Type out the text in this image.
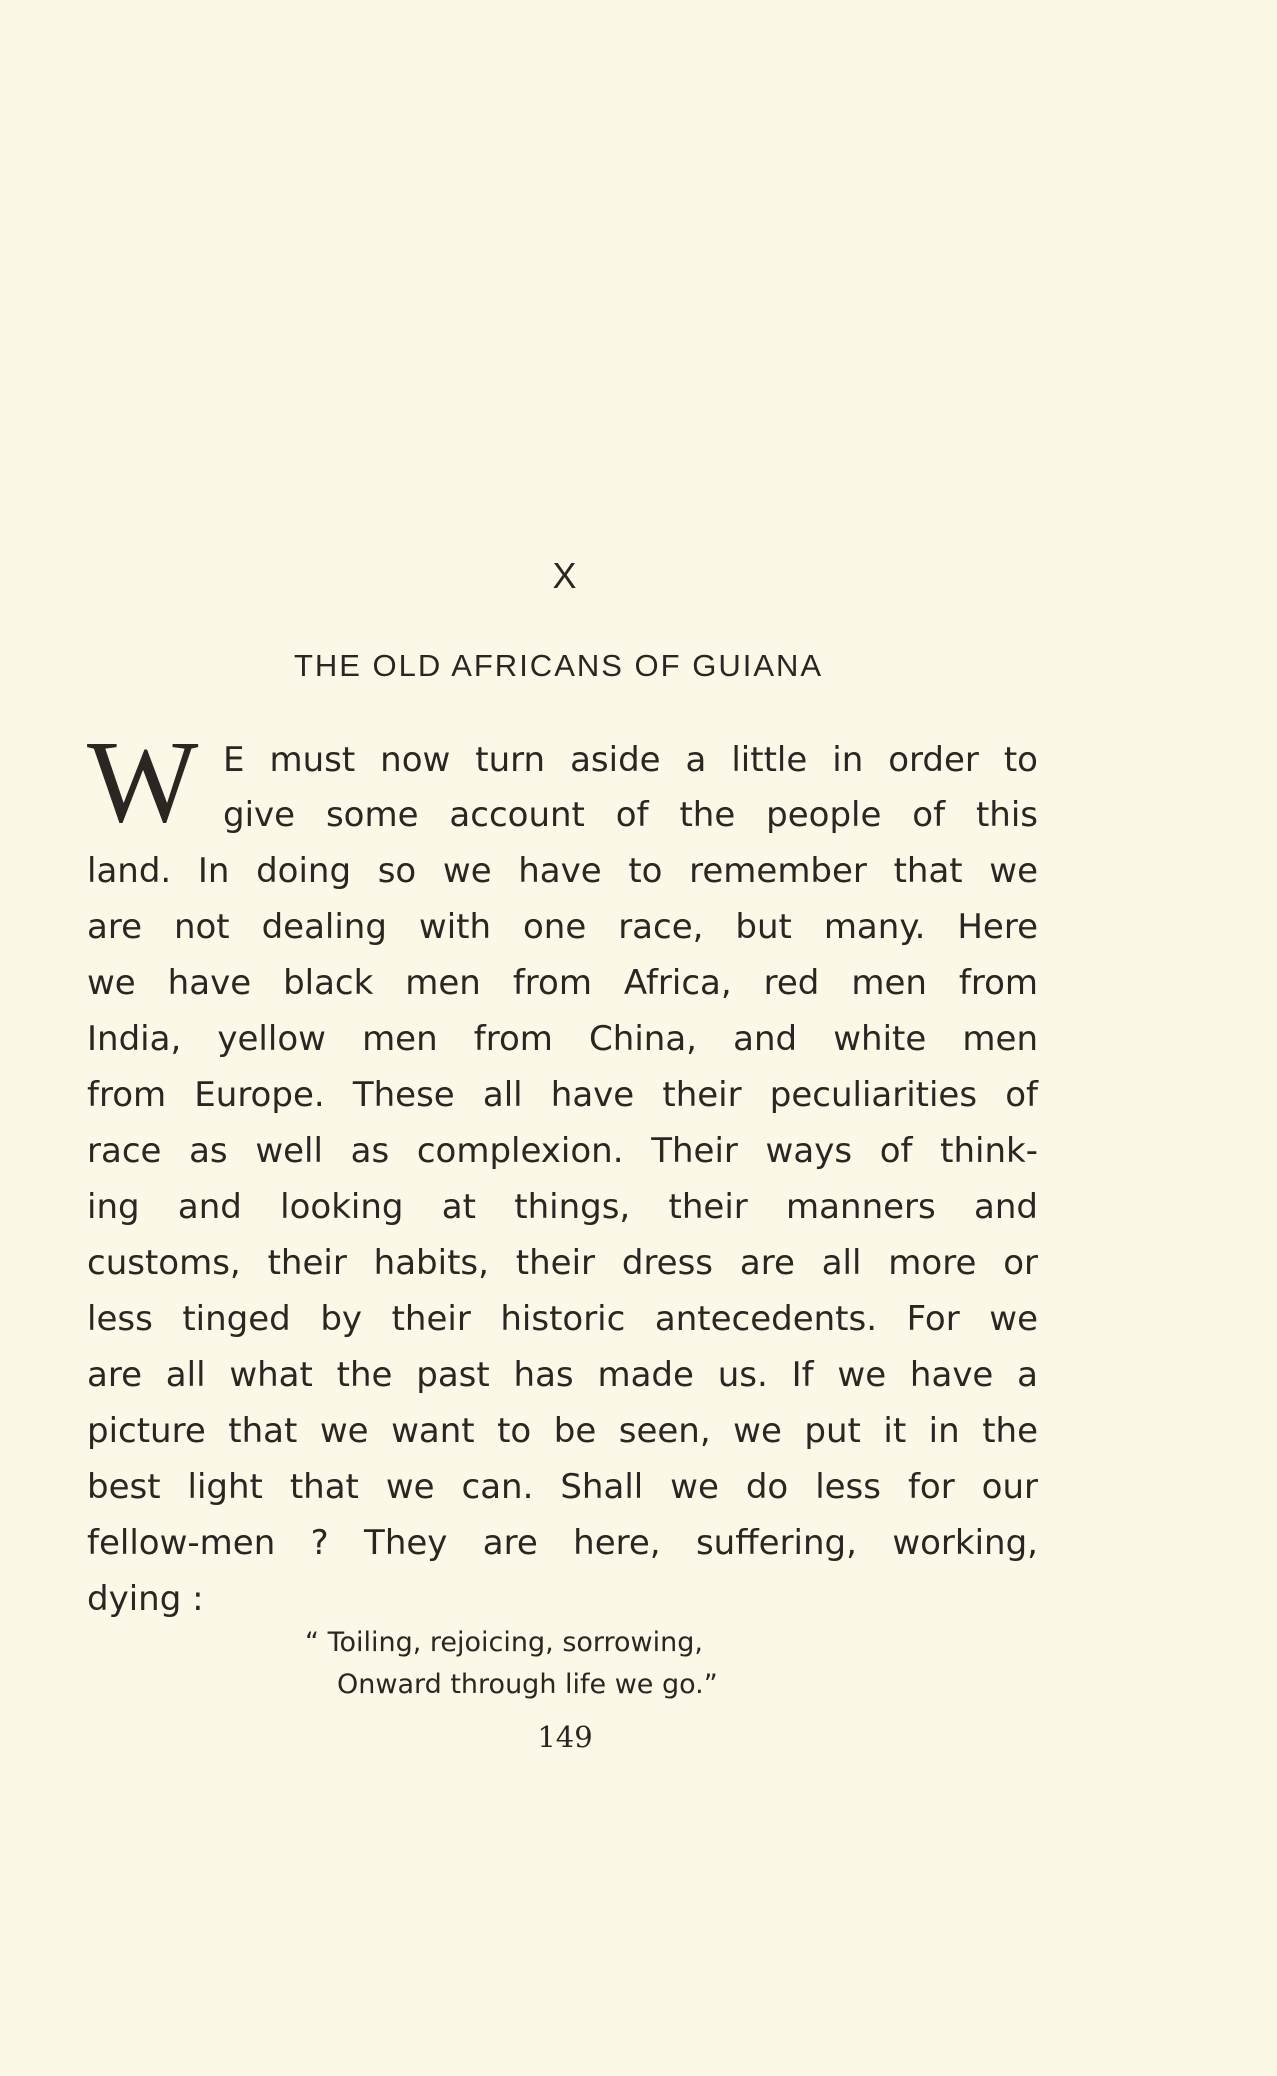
X
THE OLD AFRICANS OF GUIANA
W E must now turn aside a little in order to
give some account of the people of this
land. In doing so we have to remember that we
are not dealing with one race, but many. Here
we have black men from Africa, red men from
India, yellow men from China, and white men
from Europe. These all have their peculiarities of
race as well as complexion. Their ways of think-
ing and looking at things, their manners and
customs, their habits, their dress are all more or
less tinged by their historic antecedents. For we
are all what the past has made us. If we have a
picture that we want to be seen, we put it in the
best light that we can. Shall we do less for our
fellow-men ? They are here, suffering, working,
dying :
“ Toiling, rejoicing, sorrowing,
Onward through life we go.”
149
